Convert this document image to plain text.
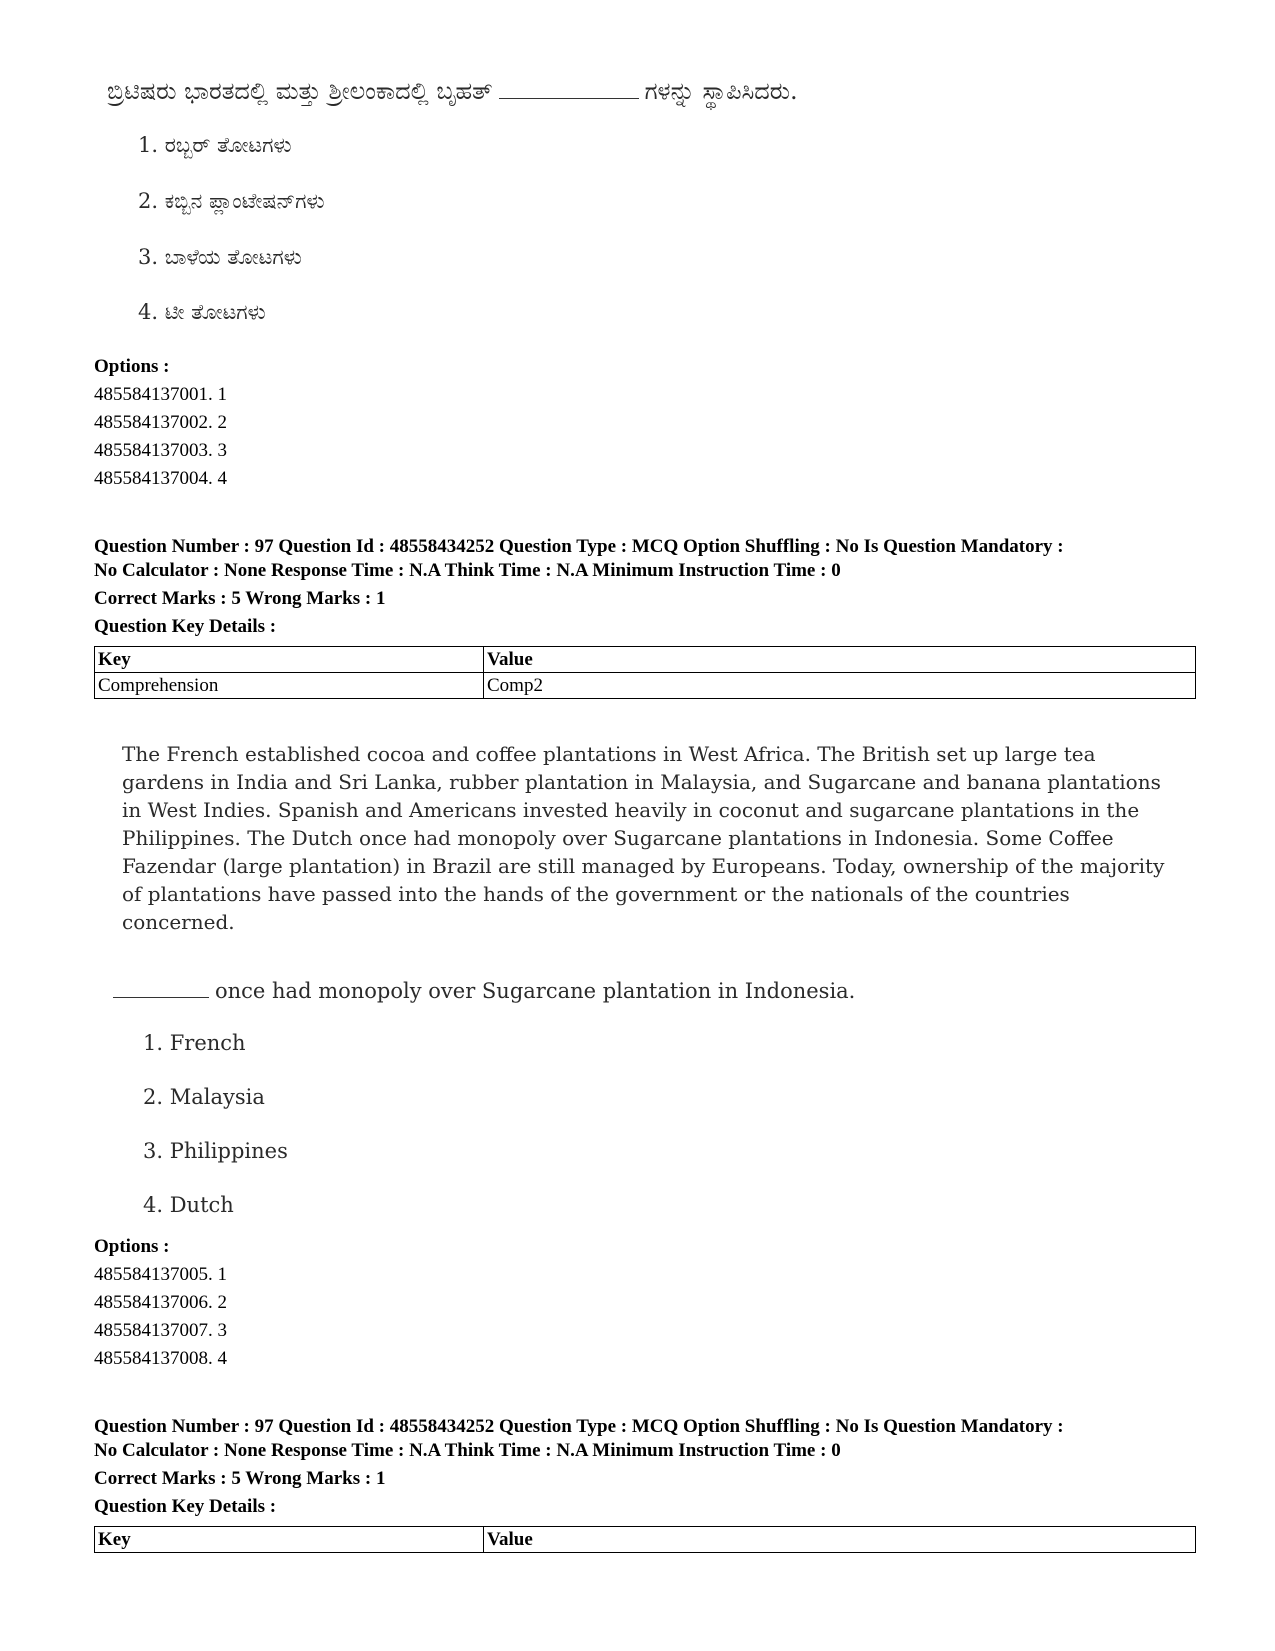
ಬ್ರಿಟಿಷರು ಭಾರತದಲ್ಲಿ ಮತ್ತು ಶ್ರೀಲಂಕಾದಲ್ಲಿ ಬೃಹತ್	ಗಳನ್ನು ಸ್ಥಾಪಿಸಿದರು.
1. ರಬ್ಬರ್ ತೋಟಗಳು
2. ಕಬ್ಬಿನ ಪ್ಲಾಂಟೇಷನ್‌ಗಳು
3. ಬಾಳೆಯ ತೋಟಗಳು
4. ಟೀ ತೋಟಗಳು
Options :
485584137001. 1
485584137002. 2
485584137003. 3
485584137004. 4
Question Number : 97 Question Id : 48558434252 Question Type : MCQ Option Shuffling : No Is Question Mandatory :
No Calculator : None Response Time : N.A Think Time : N.A Minimum Instruction Time : 0
Correct Marks : 5 Wrong Marks : 1
Question Key Details :
Key	Value
Comprehension	Comp2
The French established cocoa and coffee plantations in West Africa. The British set up large tea gardens in India and Sri Lanka, rubber plantation in Malaysia, and Sugarcane and banana plantations in West Indies. Spanish and Americans invested heavily in coconut and sugarcane plantations in the Philippines. The Dutch once had monopoly over Sugarcane plantations in Indonesia. Some Coffee Fazendar (large plantation) in Brazil are still managed by Europeans. Today, ownership of the majority of plantations have passed into the hands of the government or the nationals of the countries concerned.
once had monopoly over Sugarcane plantation in Indonesia.
1. French
2. Malaysia
3. Philippines
4. Dutch
Options :
485584137005. 1
485584137006. 2
485584137007. 3
485584137008. 4
Question Number : 97 Question Id : 48558434252 Question Type : MCQ Option Shuffling : No Is Question Mandatory :
No Calculator : None Response Time : N.A Think Time : N.A Minimum Instruction Time : 0
Correct Marks : 5 Wrong Marks : 1
Question Key Details :
Key	Value
